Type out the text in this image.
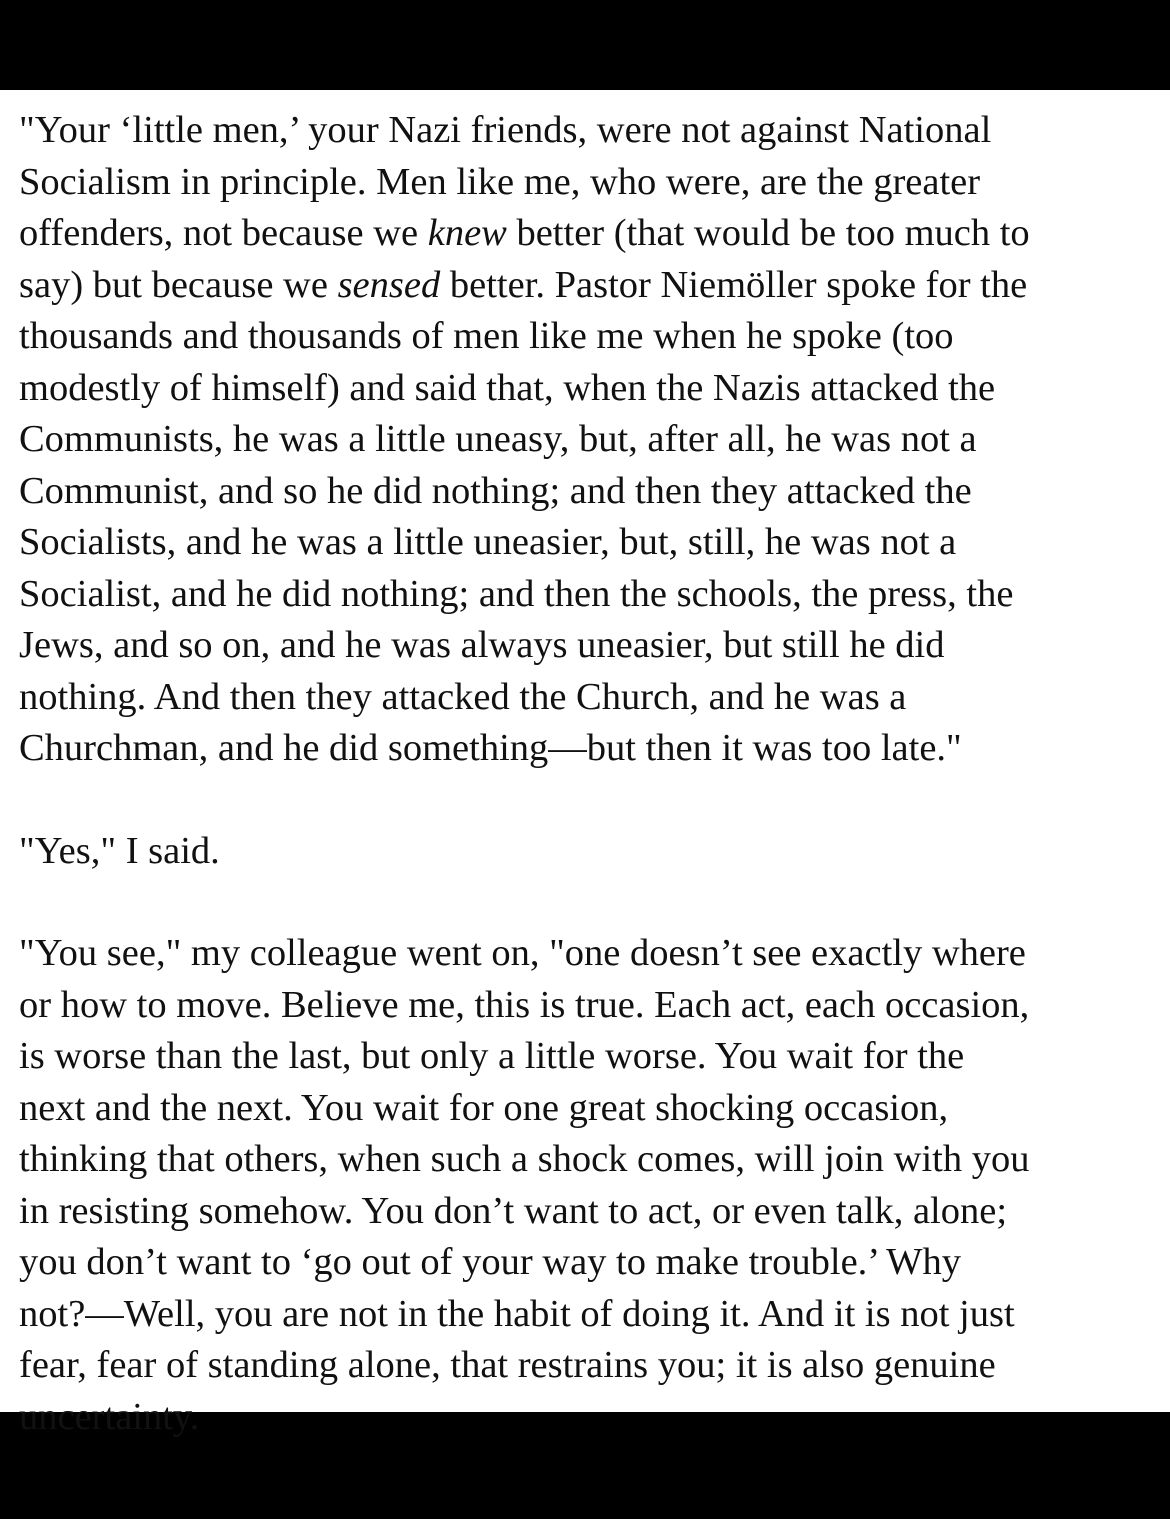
"Your ‘little men,’ your Nazi friends, were not against National
Socialism in principle. Men like me, who were, are the greater
offenders, not because we knew better (that would be too much to
say) but because we sensed better. Pastor Niemöller spoke for the
thousands and thousands of men like me when he spoke (too
modestly of himself) and said that, when the Nazis attacked the
Communists, he was a little uneasy, but, after all, he was not a
Communist, and so he did nothing; and then they attacked the
Socialists, and he was a little uneasier, but, still, he was not a
Socialist, and he did nothing; and then the schools, the press, the
Jews, and so on, and he was always uneasier, but still he did
nothing. And then they attacked the Church, and he was a
Churchman, and he did something—but then it was too late."
"Yes," I said.
"You see," my colleague went on, "one doesn’t see exactly where
or how to move. Believe me, this is true. Each act, each occasion,
is worse than the last, but only a little worse. You wait for the
next and the next. You wait for one great shocking occasion,
thinking that others, when such a shock comes, will join with you
in resisting somehow. You don’t want to act, or even talk, alone;
you don’t want to ‘go out of your way to make trouble.’ Why
not?—Well, you are not in the habit of doing it. And it is not just
fear, fear of standing alone, that restrains you; it is also genuine
uncertainty.
